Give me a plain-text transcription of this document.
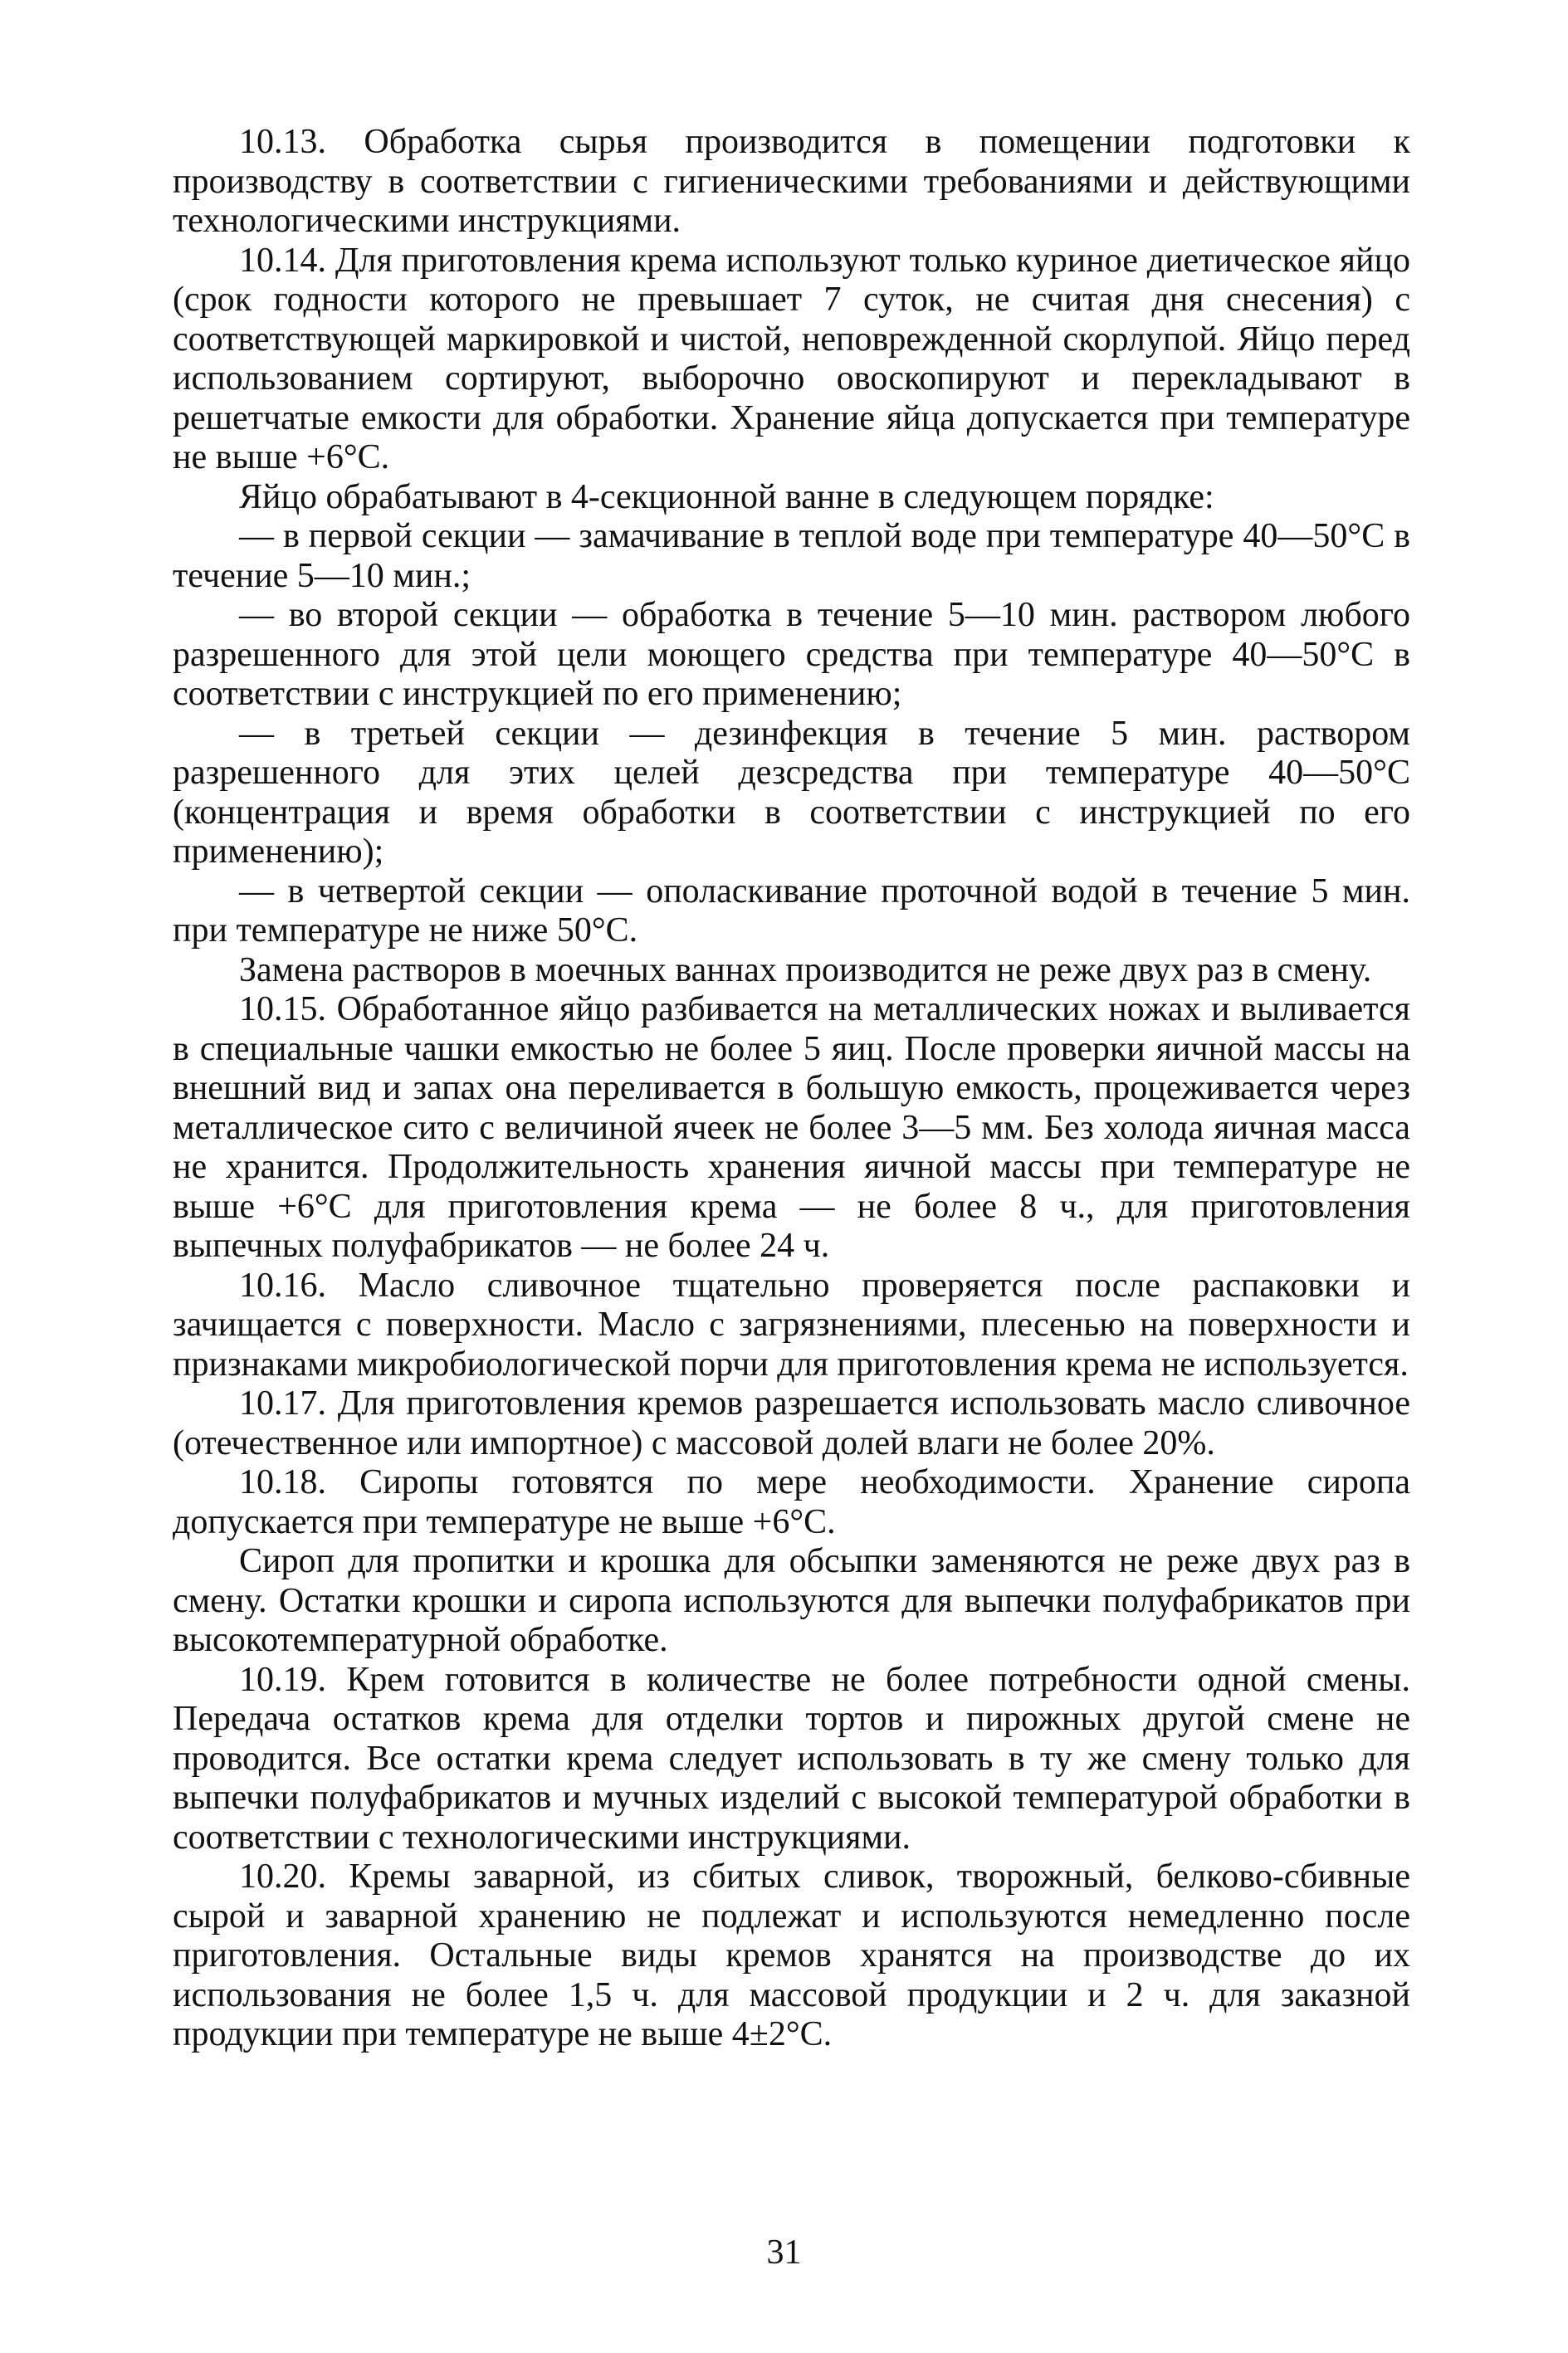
10.13. Обработка сырья производится в помещении подготовки к производству в соответствии с гигиеническими требованиями и действующими технологическими инструкциями.

10.14. Для приготовления крема используют только куриное диетическое яйцо (срок годности которого не превышает 7 суток, не считая дня снесения) с соответствующей маркировкой и чистой, неповрежденной скорлупой. Яйцо перед использованием сортируют, выборочно овоскопируют и перекладывают в решетчатые емкости для обработки. Хранение яйца допускается при температуре не выше +6°С.

Яйцо обрабатывают в 4-секционной ванне в следующем порядке:

— в первой секции — замачивание в теплой воде при температуре 40—50°С в течение 5—10 мин.;

— во второй секции — обработка в течение 5—10 мин. раствором любого разрешенного для этой цели моющего средства при температуре 40—50°С в соответствии с инструкцией по его применению;

— в третьей секции — дезинфекция в течение 5 мин. раствором разрешенного для этих целей дезсредства при температуре 40—50°С (концентрация и время обработки в соответствии с инструкцией по его применению);

— в четвертой секции — ополаскивание проточной водой в течение 5 мин. при температуре не ниже 50°С.

Замена растворов в моечных ваннах производится не реже двух раз в смену.

10.15. Обработанное яйцо разбивается на металлических ножах и выливается в специальные чашки емкостью не более 5 яиц. После проверки яичной массы на внешний вид и запах она переливается в большую емкость, процеживается через металлическое сито с величиной ячеек не более 3—5 мм. Без холода яичная масса не хранится. Продолжительность хранения яичной массы при температуре не выше +6°С для приготовления крема — не более 8 ч., для приготовления выпечных полуфабрикатов — не более 24 ч.

10.16. Масло сливочное тщательно проверяется после распаковки и зачищается с поверхности. Масло с загрязнениями, плесенью на поверхности и признаками микробиологической порчи для приготовления крема не используется.

10.17. Для приготовления кремов разрешается использовать масло сливочное (отечественное или импортное) с массовой долей влаги не более 20%.

10.18. Сиропы готовятся по мере необходимости. Хранение сиропа допускается при температуре не выше +6°С.

Сироп для пропитки и крошка для обсыпки заменяются не реже двух раз в смену. Остатки крошки и сиропа используются для выпечки полуфабрикатов при высокотемпературной обработке.

10.19. Крем готовится в количестве не более потребности одной смены. Передача остатков крема для отделки тортов и пирожных другой смене не проводится. Все остатки крема следует использовать в ту же смену только для выпечки полуфабрикатов и мучных изделий с высокой температурой обработки в соответствии с технологическими инструкциями.

10.20. Кремы заварной, из сбитых сливок, творожный, белково-сбивные сырой и заварной хранению не подлежат и используются немедленно после приготовления. Остальные виды кремов хранятся на производстве до их использования не более 1,5 ч. для массовой продукции и 2 ч. для заказной продукции при температуре не выше 4±2°С.

31
